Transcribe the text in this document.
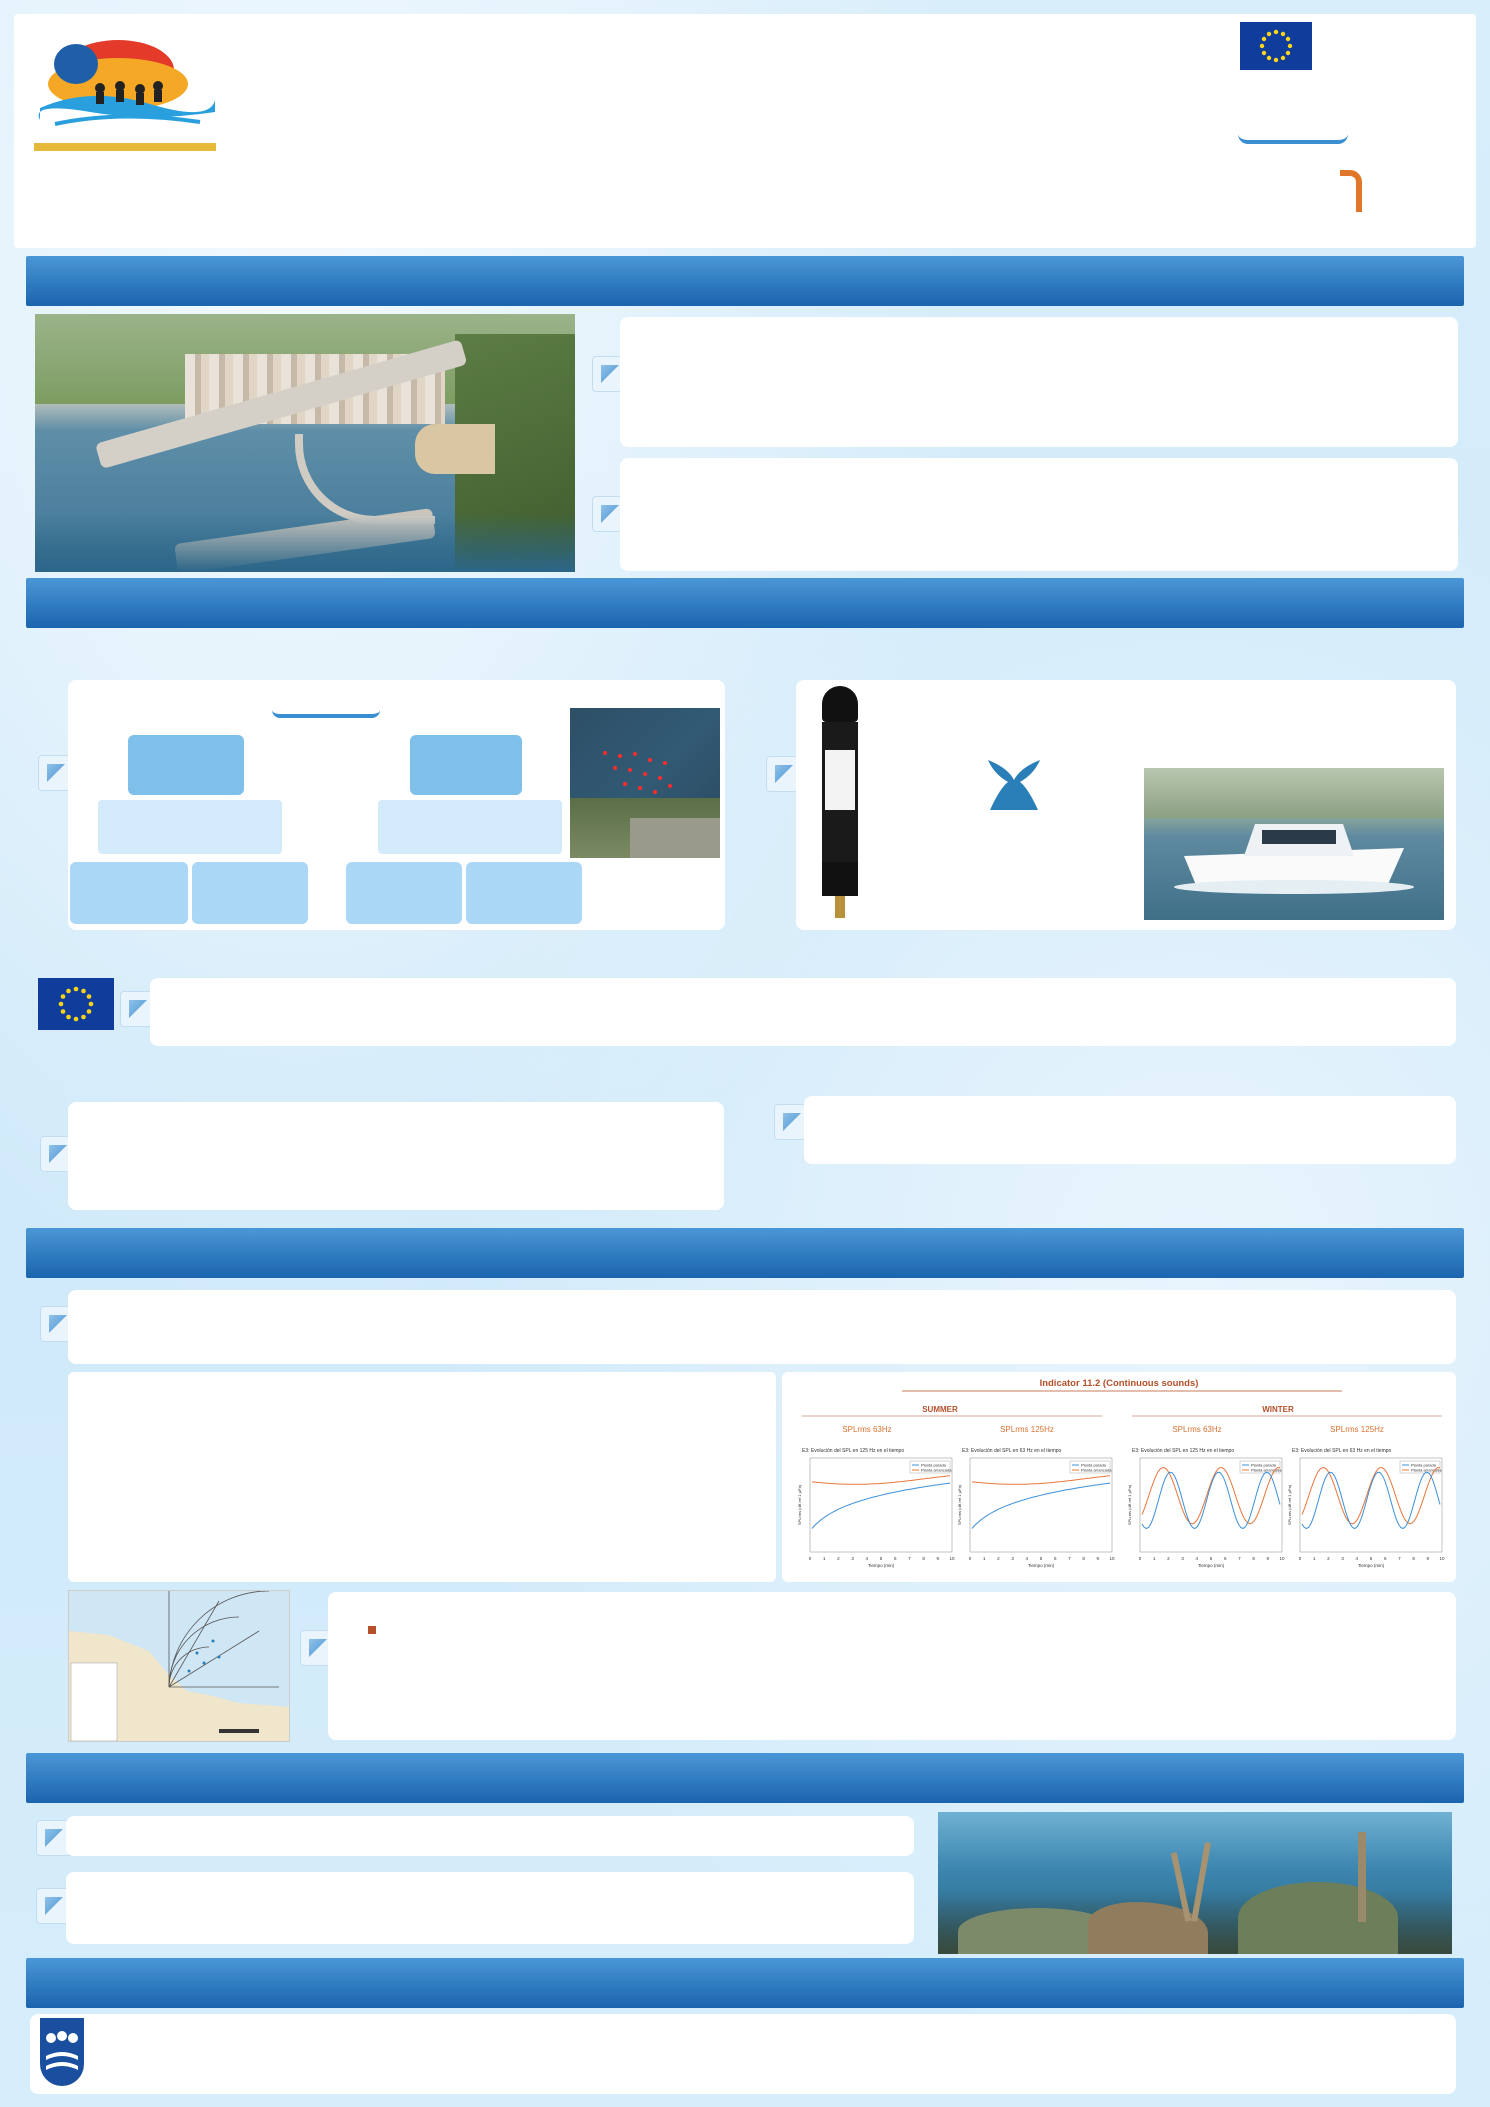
Indicator 11.2 (Continuous sounds)
SUMMER	WINTER
SPLrms 63Hz
E3: Evolución del SPL en 125 Hz en el tiempo
Planta parada
Planta arrancada
0	1	2	3	4	5	6	7	8	9 10
Tiempo (min)
SPLrms (dB ref 1 µPa)
SPLrms 125Hz
E3: Evolución del SPL en 63 Hz en el tiempo
Planta parada
Planta arrancada
0	1	2	3	4	5	6	7	8	9 10
Tiempo (min)
SPLrms (dB ref 1 µPa)
SPLrms 63Hz
E3: Evolución del SPL en 125 Hz en el tiempo
Planta parada
Planta arrancada
0	1	2	3	4	5	6	7	8	9 10
Tiempo (min)
SPLrms (dB ref 1 µPa)
SPLrms 125Hz
E3: Evolución del SPL en 63 Hz en el tiempo
Planta parada
Planta arrancada
0	1	2	3	4	5	6	7	8	9 10
Tiempo (min)
SPLrms (dB ref 1 µPa)
